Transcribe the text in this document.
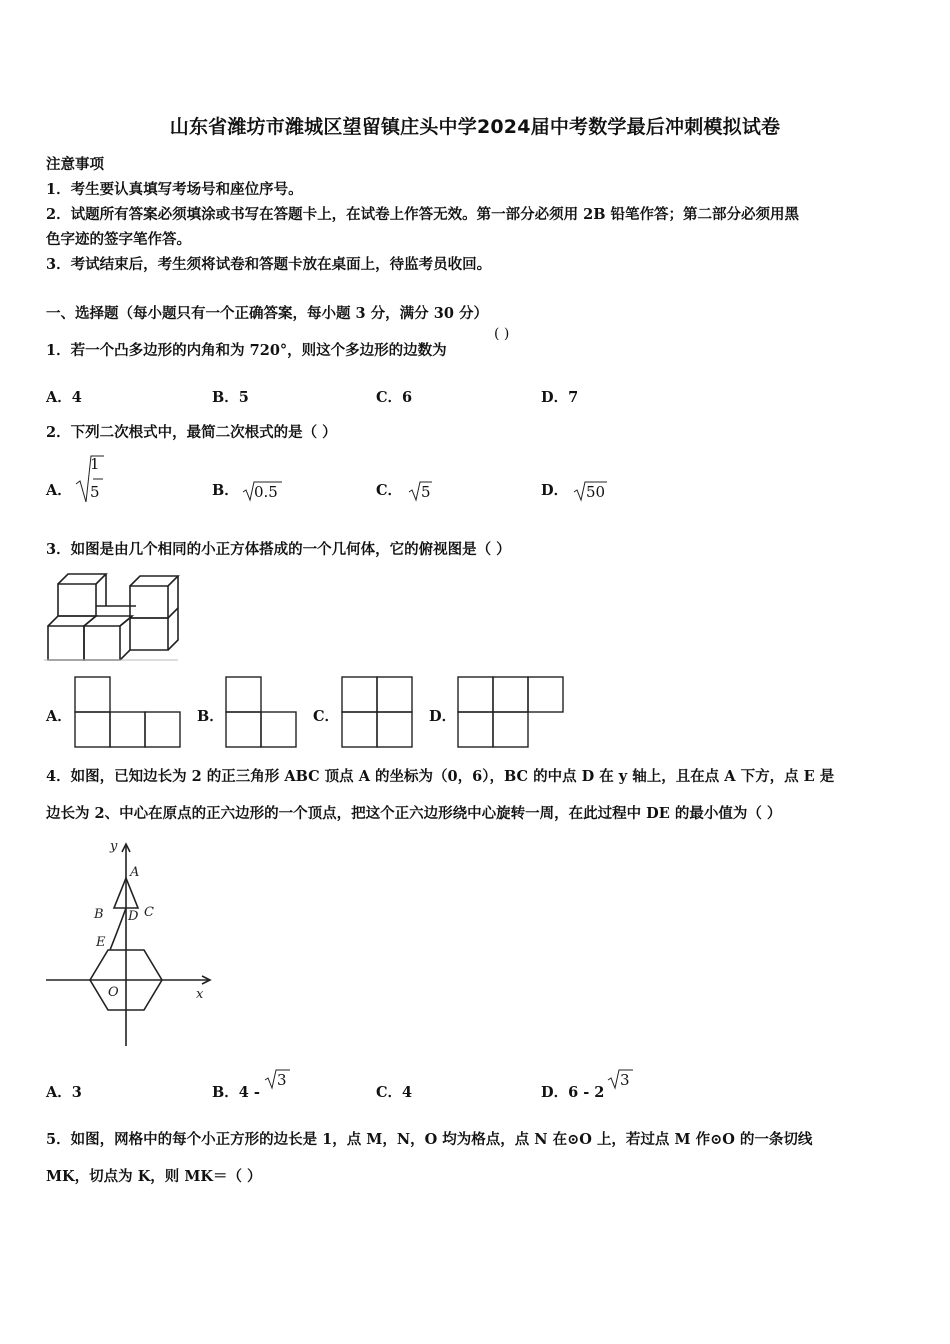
山东省潍坊市潍城区望留镇庄头中学2024届中考数学最后冲刺模拟试卷
注意事项
1．考生要认真填写考场号和座位序号。
2．试题所有答案必须填涂或书写在答题卡上，在试卷上作答无效。第一部分必须用 2B 铅笔作答；第二部分必须用黑
色字迹的签字笔作答。
3．考试结束后，考生须将试卷和答题卡放在桌面上，待监考员收回。
一、选择题（每小题只有一个正确答案，每小题 3 分，满分 30 分）
1．若一个凸多边形的内角和为 720°，则这个多边形的边数为
( )
A．4	B．5	C．6	D．7
2．下列二次根式中，最简二次根式的是（ ）
A．
1
5	B． 0.5	C． 5	D． 50
3．如图是由几个相同的小正方体搭成的一个几何体，它的俯视图是（ ）
A．	B．	C．	D．
4．如图，已知边长为 2 的正三角形 ABC 顶点 A 的坐标为（0，6），BC 的中点 D 在 y 轴上，且在点 A 下方，点 E 是
边长为 2、中心在原点的正六边形的一个顶点，把这个正六边形绕中心旋转一周，在此过程中 DE 的最小值为（ ）
y
A
B D C
E
O	x
A．3	B．4 -
3
C．4	D．6 - 2
3
5．如图，网格中的每个小正方形的边长是 1，点 M，N，O 均为格点，点 N 在⊙O 上，若过点 M 作⊙O 的一条切线
MK，切点为 K，则 MK＝（ ）
